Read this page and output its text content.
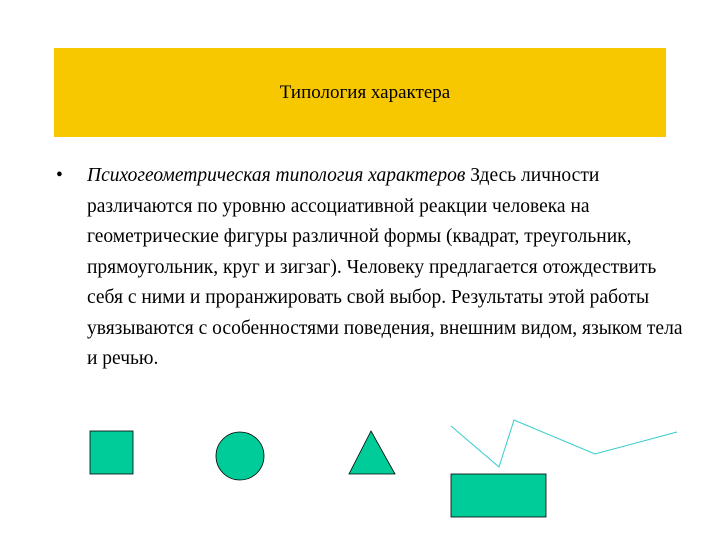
Типология характера
•	Психогеометрическая типология характеров Здесь личности различаются по уровню ассоциативной реакции человека на геометрические фигуры различной формы (квадрат, треугольник, прямоугольник, круг и зигзаг). Человеку предлагается отождествить себя с ними и проранжировать свой выбор. Результаты этой работы увязываются с особенностями поведения, внешним видом, языком тела и речью.
